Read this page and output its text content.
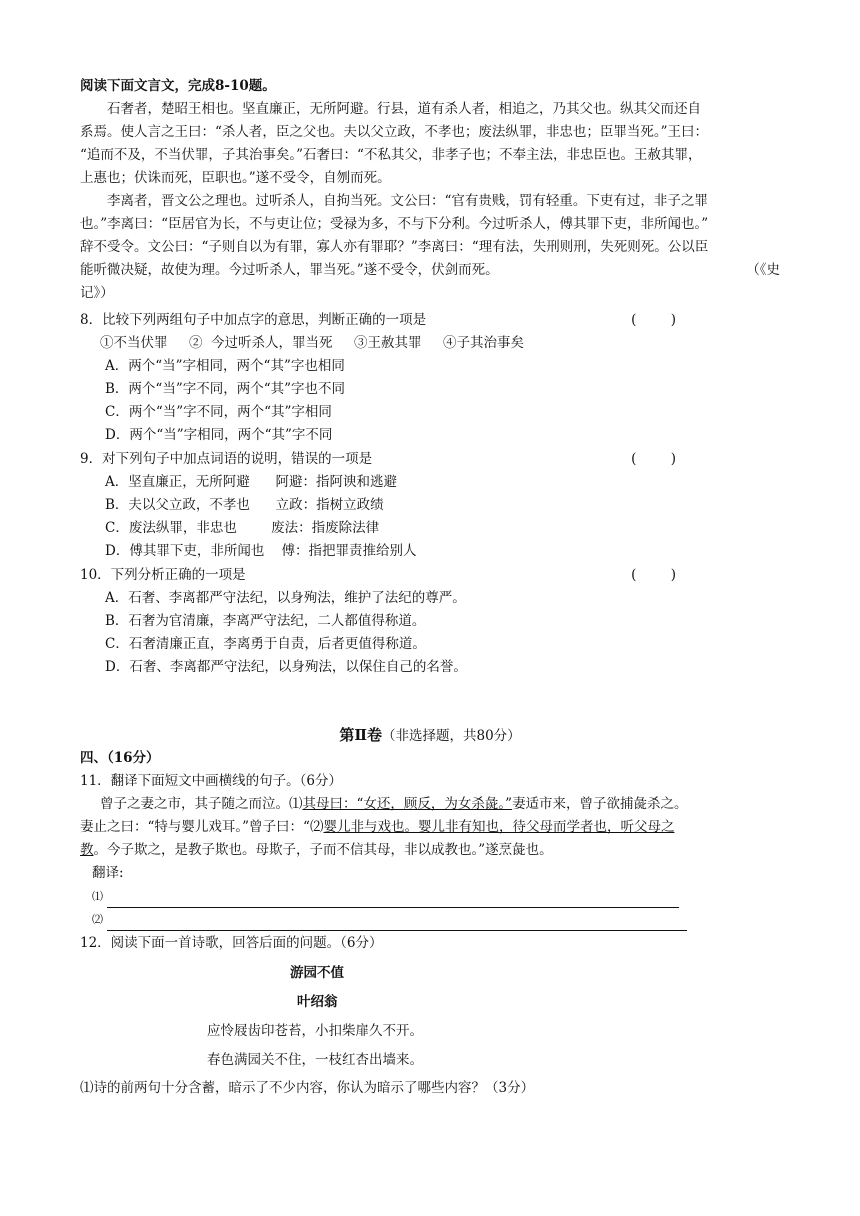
阅读下面文言文，完成8-10题。
石奢者，楚昭王相也。坚直廉正，无所阿避。行县，道有杀人者，相追之，乃其父也。纵其父而还自
系焉。使人言之王曰：“杀人者，臣之父也。夫以父立政，不孝也；废法纵罪，非忠也；臣罪当死。”王曰：
“追而不及，不当伏罪，子其治事矣。”石奢曰：“不私其父，非孝子也；不奉主法，非忠臣也。王赦其罪，
上惠也；伏诛而死，臣职也。”遂不受令，自刎而死。
李离者，晋文公之理也。过听杀人，自拘当死。文公曰：“官有贵贱，罚有轻重。下吏有过，非子之罪
也。”李离曰：“臣居官为长，不与吏让位；受禄为多，不与下分利。今过听杀人，傅其罪下吏，非所闻也。”
辞不受令。文公曰：“子则自以为有罪，寡人亦有罪耶？”李离曰：“理有法，失刑则刑，失死则死。公以臣
能听微决疑，故使为理。今过听杀人，罪当死。”遂不受令，伏剑而死。	（《史
记》）
8．比较下列两组句子中加点字的意思，判断正确的一项是	(        )
①不当伏罪     ②  今过听杀人，罪当死     ③王赦其罪     ④子其治事矣
A．两个“当”字相同，两个“其”字也相同
B．两个“当”字不同，两个“其”字也不同
C．两个“当”字不同，两个“其”字相同
D．两个“当”字相同，两个“其”字不同
9．对下列句子中加点词语的说明，错误的一项是	(        )
A．坚直廉正，无所阿避      阿避：指阿谀和逃避
B．夫以父立政，不孝也      立政：指树立政绩
C．废法纵罪，非忠也        废法：指废除法律
D．傅其罪下吏，非所闻也    傅：指把罪责推给别人
10．下列分析正确的一项是	(        )
A．石奢、李离都严守法纪，以身殉法，维护了法纪的尊严。
B．石奢为官清廉，李离严守法纪，二人都值得称道。
C．石奢清廉正直，李离勇于自责，后者更值得称道。
D．石奢、李离都严守法纪，以身殉法，以保住自己的名誉。
第Ⅱ卷（非选择题，共80分）
四、（16分）
11．翻译下面短文中画横线的句子。（6分）
曾子之妻之市，其子随之而泣。⑴其母曰：“女还，顾反，为女杀彘。”妻适市来，曾子欲捕彘杀之。
妻止之曰：“特与婴儿戏耳。”曾子曰：“⑵婴儿非与戏也。婴儿非有知也，待父母而学者也，听父母之
教。今子欺之，是教子欺也。母欺子，子而不信其母，非以成教也。”遂烹彘也。
翻译:
⑴
⑵
12．阅读下面一首诗歌，回答后面的问题。（6分）
游园不值
叶绍翁
应怜屐齿印苍苔，小扣柴扉久不开。
春色满园关不住，一枝红杏出墙来。
⑴诗的前两句十分含蓄，暗示了不少内容，你认为暗示了哪些内容？（3分）
